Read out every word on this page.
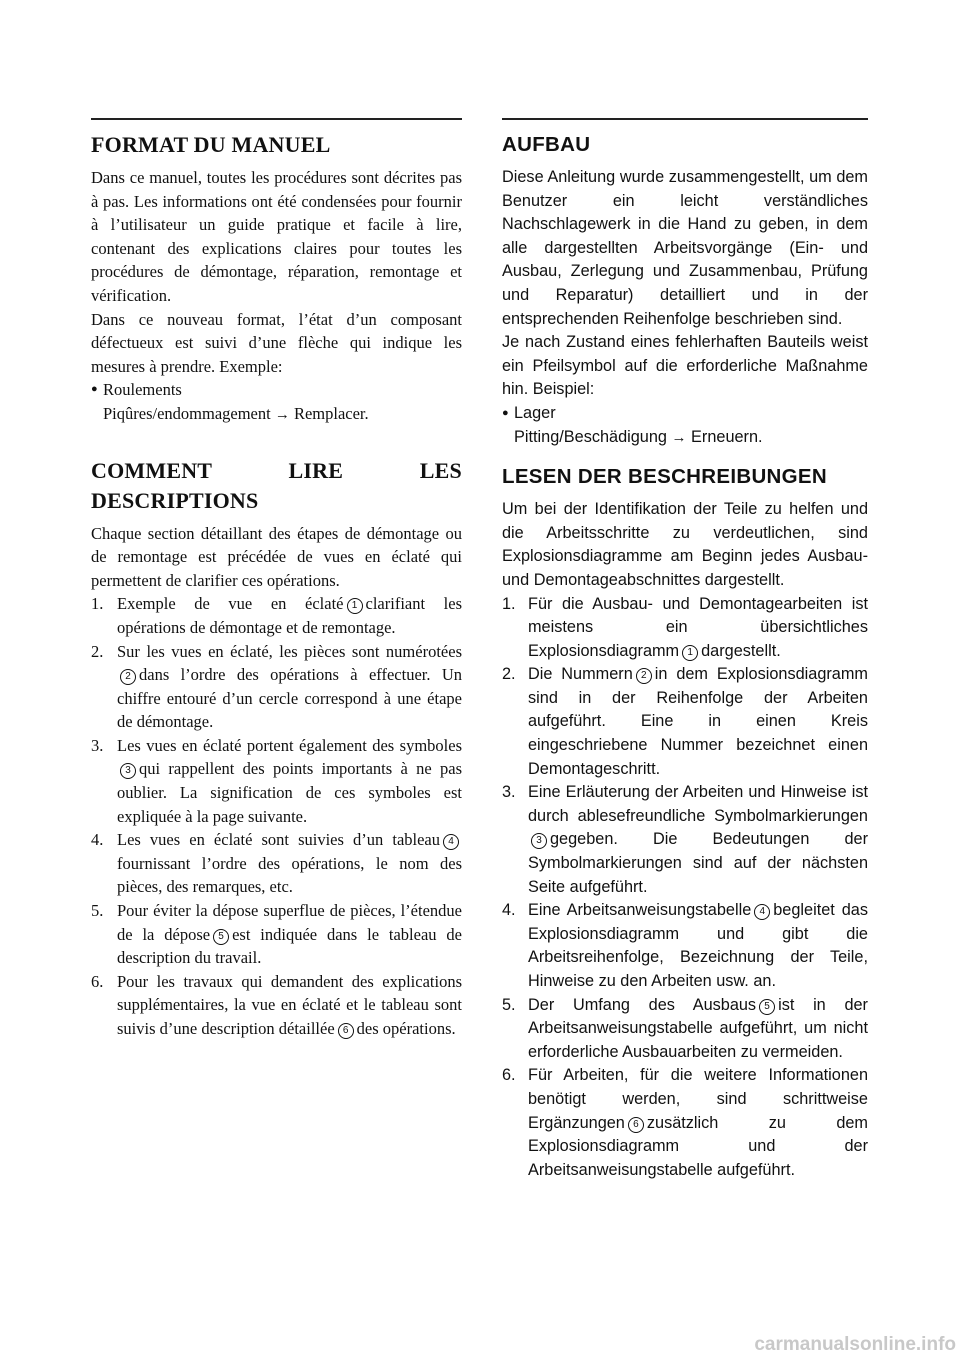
FORMAT DU MANUEL

Dans ce manuel, toutes les procédures sont décrites pas à pas. Les informations ont été condensées pour fournir à l’utilisateur un guide pratique et facile à lire, contenant des explications claires pour toutes les procédures de démontage, réparation, remontage et vérification.

Dans ce nouveau format, l’état d’un composant défectueux est suivi d’une flèche qui indique les mesures à prendre. Exemple:

● Roulements
Piqûres/endommagement → Remplacer.
COMMENT LIRE LES DESCRIPTIONS

Chaque section détaillant des étapes de démontage ou de remontage est précédée de vues en éclaté qui permettent de clarifier ces opérations.

1. Exemple de vue en éclaté 1 clarifiant les opérations de démontage et de remontage.
2. Sur les vues en éclaté, les pièces sont numérotées2 dans l’ordre des opérations à effectuer. Un chiffre entouré d’un cercle correspond à une étape de démontage.
3. Les vues en éclaté portent également des symboles3 qui rappellent des points importants à ne pas oublier. La signification de ces symboles est expliquée à la page suivante.
4. Les vues en éclaté sont suivies d’un tableau 4fournissant l’ordre des opérations, le nom des pièces, des remarques, etc.
5. Pour éviter la dépose superflue de pièces, l’étendue de la dépose 5 est indiquée dans le tableau de description du travail.
6. Pour les travaux qui demandent des explications supplémentaires, la vue en éclaté et le tableau sont suivis d’une description détaillée 6 des opérations.
AUFBAU

Diese Anleitung wurde zusammengestellt, um dem Benutzer ein leicht verständliches Nachschlagewerk in die Hand zu geben, in dem alle dargestellten Arbeitsvorgänge (Ein- und Ausbau, Zerlegung und Zusammenbau, Prüfung und Reparatur) detailliert und in der entsprechenden Reihenfolge beschrieben sind.

Je nach Zustand eines fehlerhaften Bauteils weist ein Pfeilsymbol auf die erforderliche Maßnahme hin. Beispiel:

● Lager
Pitting/Beschädigung → Erneuern.
LESEN DER BESCHREIBUNGEN

Um bei der Identifikation der Teile zu helfen und die Arbeitsschritte zu verdeutlichen, sind Explosionsdiagramme am Beginn jedes Ausbau- und Demontageabschnittes dargestellt.

1. Für die Ausbau- und Demontagearbeiten ist meistens ein übersichtliches Explosionsdiagramm 1 dargestellt.
2. Die Nummern 2 in dem Explosionsdiagramm sind in der Reihenfolge der Arbeiten aufgeführt. Eine in einen Kreis eingeschriebene Nummer bezeichnet einen Demontageschritt.
3. Eine Erläuterung der Arbeiten und Hinweise ist durch ablesefreundliche Symbolmarkierungen3 gegeben. Die Bedeutungen der Symbolmarkierungen sind auf der nächsten Seite aufgeführt.
4. Eine Arbeitsanweisungstabelle 4 begleitet das Explosionsdiagramm und gibt die Arbeitsreihenfolge, Bezeichnung der Teile, Hinweise zu den Arbeiten usw. an.
5. Der Umfang des Ausbaus 5 ist in der Arbeitsanweisungstabelle aufgeführt, um nicht erforderliche Ausbauarbeiten zu vermeiden.
6. Für Arbeiten, für die weitere Informationen benötigt werden, sind schrittweise Ergänzungen 6 zusätzlich zu dem Explosionsdiagramm und der Arbeitsanweisungstabelle aufgeführt.
carmanualsonline.info
